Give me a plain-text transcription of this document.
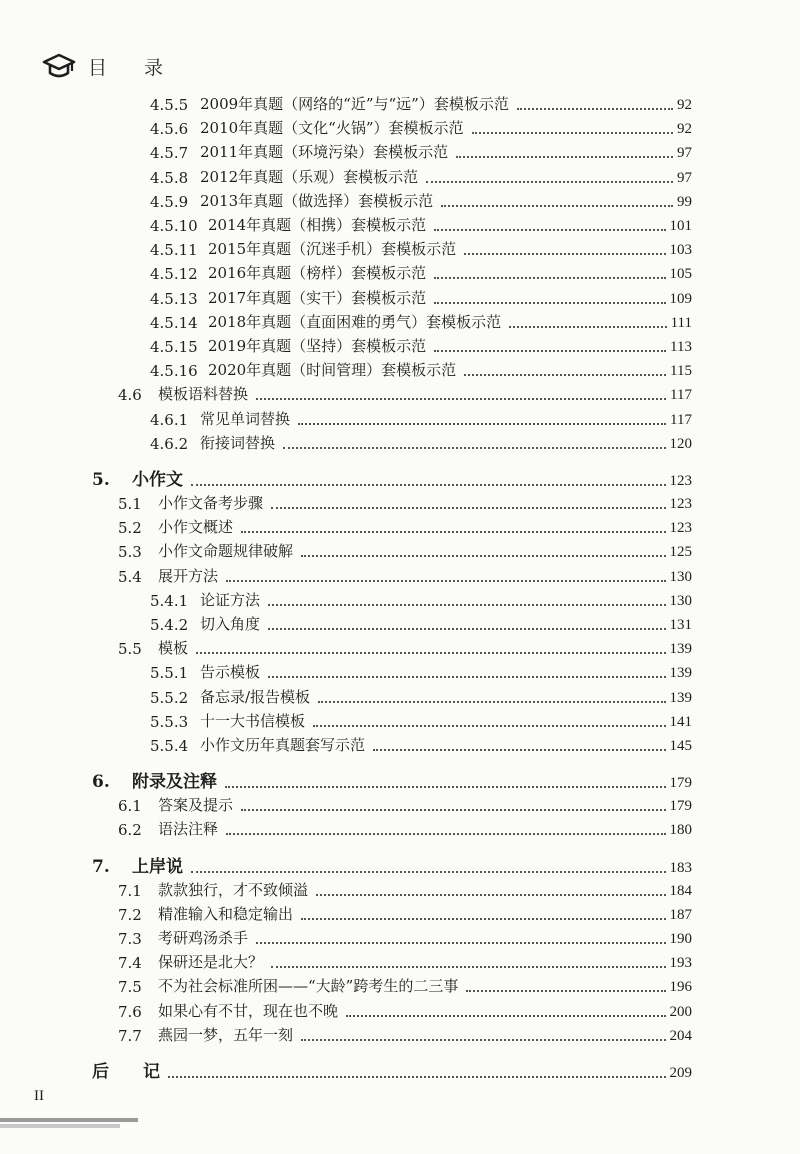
目 录
4.5.5 2009年真题（网络的“近”与“远”）套模板示范	92
4.5.6 2010年真题（文化“火锅”）套模板示范	92
4.5.7 2011年真题（环境污染）套模板示范	97
4.5.8 2012年真题（乐观）套模板示范	97
4.5.9 2013年真题（做选择）套模板示范	99
4.5.10 2014年真题（相携）套模板示范	101
4.5.11 2015年真题（沉迷手机）套模板示范	103
4.5.12 2016年真题（榜样）套模板示范	105
4.5.13 2017年真题（实干）套模板示范	109
4.5.14 2018年真题（直面困难的勇气）套模板示范	111
4.5.15 2019年真题（坚持）套模板示范	113
4.5.16 2020年真题（时间管理）套模板示范	115
4.6	模板语料替换	117
4.6.1 常见单词替换	117
4.6.2 衔接词替换	120
5.	小作文	123
5.1	小作文备考步骤	123
5.2	小作文概述	123
5.3	小作文命题规律破解	125
5.4	展开方法	130
5.4.1 论证方法	130
5.4.2 切入角度	131
5.5	模板	139
5.5.1 告示模板	139
5.5.2 备忘录/报告模板	139
5.5.3 十一大书信模板	141
5.5.4 小作文历年真题套写示范	145
6.	附录及注释	179
6.1	答案及提示	179
6.2	语法注释	180
7.	上岸说	183
7.1	款款独行，才不致倾溢	184
7.2	精准输入和稳定输出	187
7.3	考研鸡汤杀手	190
7.4	保研还是北大？	193
7.5	不为社会标准所困——“大龄”跨考生的二三事	196
7.6	如果心有不甘，现在也不晚	200
7.7	燕园一梦，五年一刻	204
后　　记	209
II
